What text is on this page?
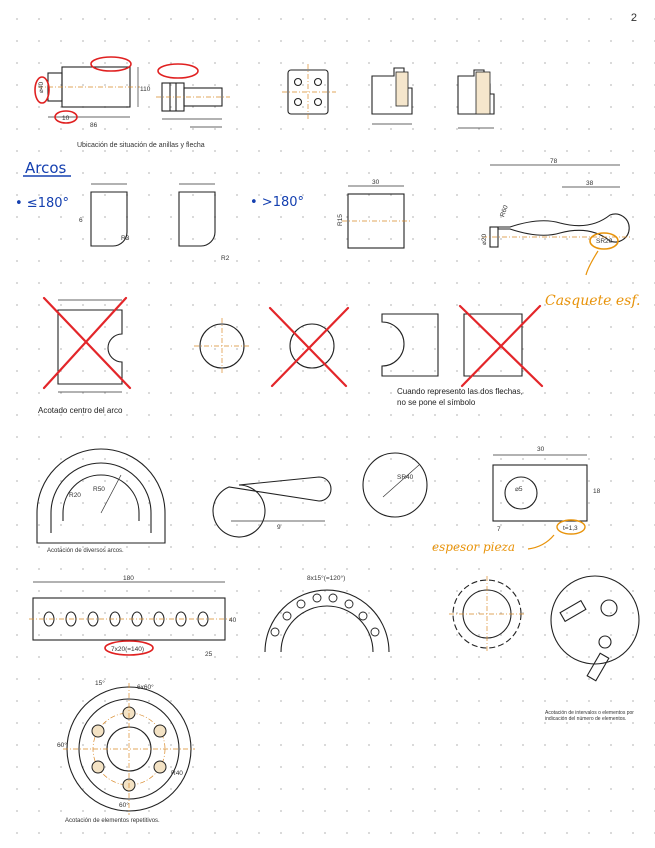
2
⌀40
10
86
110
Ubicación de situación de anillas y flecha
Arcos
• ≤180°
6
R3
R2
• >180°
30
R15
78
38
R60
⌀20	SR20
Casquete esf.
Acotado centro del arco
Cuando represento las dos flechas, no se pone el símbolo
R50
R20
9
SR40
30
18
7
⌀5
t=1,3
Acotación de diversos arcos.	espesor pieza
180
7x20(=140)
40
25
8x15°(=120°)
Acotación de intervalos o elementos por indicación del número de elementos.
15°
6x60°
60°
60°
R40
Acotación de elementos repetitivos.
